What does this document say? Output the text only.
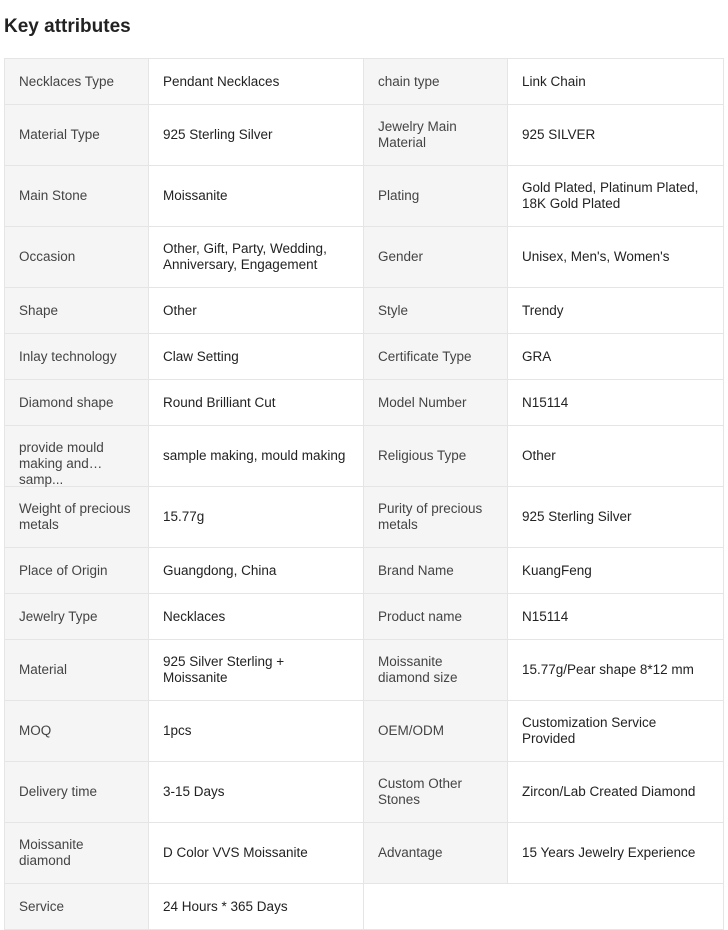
Key attributes
Necklaces Type	Pendant Necklaces	chain type	Link Chain
Material Type	925 Sterling Silver	Jewelry Main Material	925 SILVER
Main Stone	Moissanite	Plating	Gold Plated, Platinum Plated, 18K Gold Plated
Occasion	Other, Gift, Party, Wedding, Anniversary, Engagement	Gender	Unisex, Men's, Women's
Shape	Other	Style	Trendy
Inlay technology	Claw Setting	Certificate Type	GRA
Diamond shape	Round Brilliant Cut	Model Number	N15114

provide mould making and samp...	sample making, mould making	Religious Type	Other
Weight of precious metals	15.77g	Purity of precious metals	925 Sterling Silver
Place of Origin	Guangdong, China	Brand Name	KuangFeng
Jewelry Type	Necklaces	Product name	N15114
Material	925 Silver Sterling + Moissanite	Moissanite diamond size	15.77g/Pear shape 8*12 mm
MOQ	1pcs	OEM/ODM	Customization Service Provided
Delivery time	3-15 Days	Custom Other Stones	Zircon/Lab Created Diamond
Moissanite diamond	D Color VVS Moissanite	Advantage	15 Years Jewelry Experience
Service	24 Hours * 365 Days		
